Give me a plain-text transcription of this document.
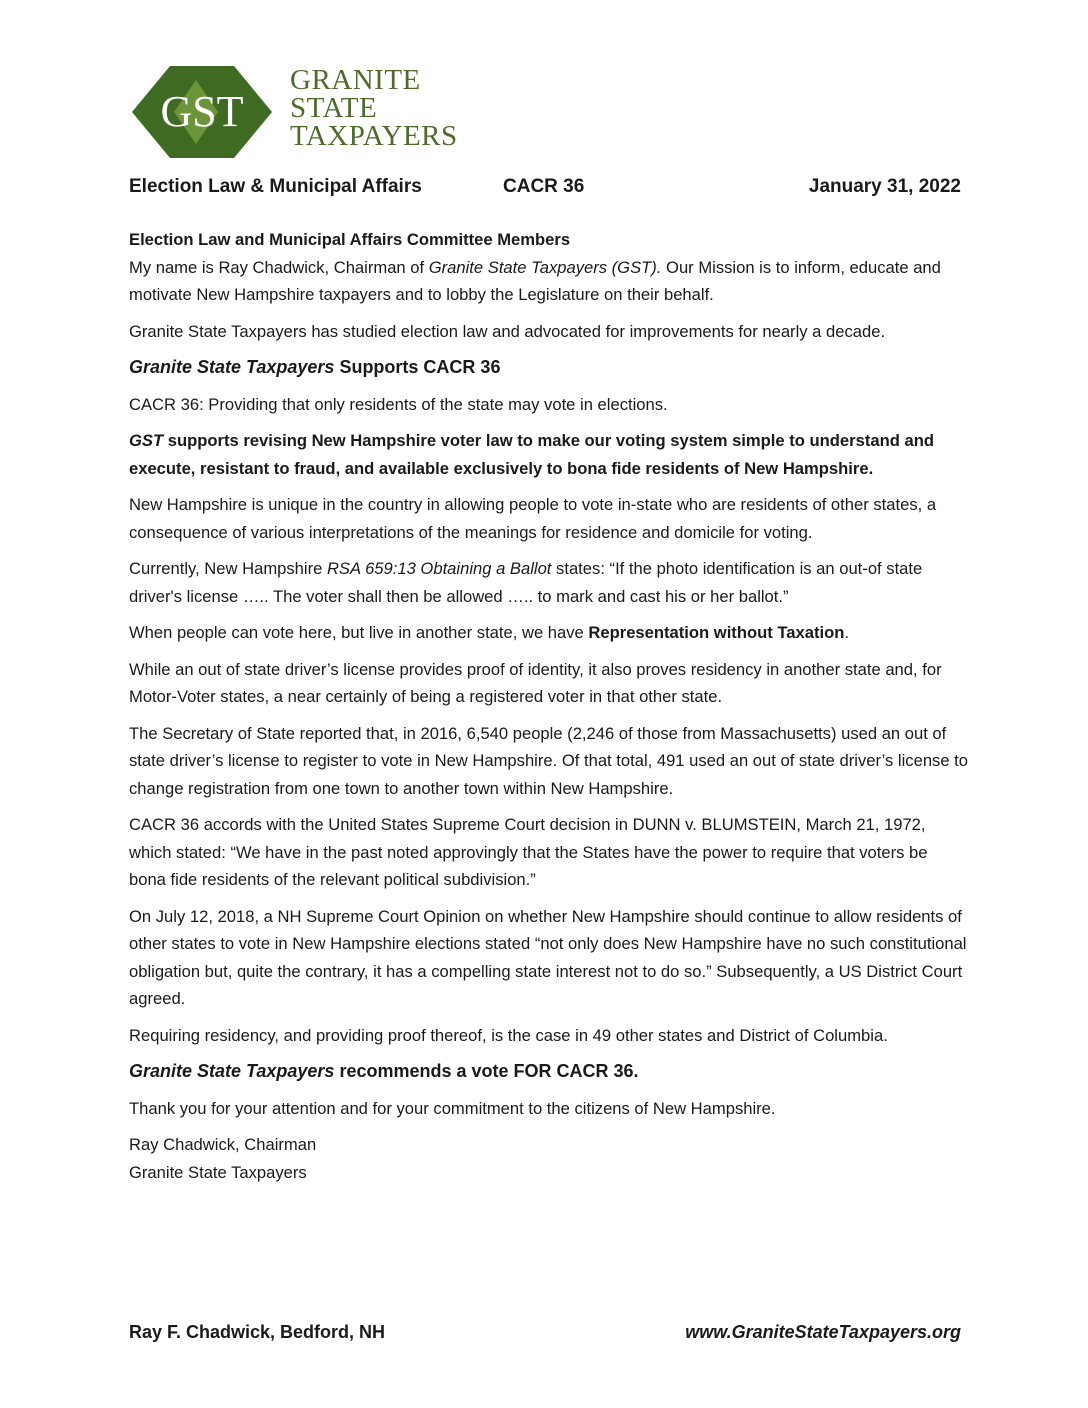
GST
GRANITE
STATE
TAXPAYERS
Election Law & Municipal Affairs	CACR 36	January 31, 2022

Election Law and Municipal Affairs Committee Members

My name is Ray Chadwick, Chairman of Granite State Taxpayers (GST). Our Mission is to inform, educate and motivate New Hampshire taxpayers and to lobby the Legislature on their behalf.

Granite State Taxpayers has studied election law and advocated for improvements for nearly a decade.

Granite State Taxpayers Supports CACR 36

CACR 36: Providing that only residents of the state may vote in elections.

GST supports revising New Hampshire voter law to make our voting system simple to understand and execute, resistant to fraud, and available exclusively to bona fide residents of New Hampshire.

New Hampshire is unique in the country in allowing people to vote in-state who are residents of other states, a consequence of various interpretations of the meanings for residence and domicile for voting.

Currently, New Hampshire RSA 659:13 Obtaining a Ballot states: “If the photo identification is an out-of state driver's license ….. The voter shall then be allowed ….. to mark and cast his or her ballot.”

When people can vote here, but live in another state, we have Representation without Taxation.

While an out of state driver’s license provides proof of identity, it also proves residency in another state and, for Motor-Voter states, a near certainly of being a registered voter in that other state.

The Secretary of State reported that, in 2016, 6,540 people (2,246 of those from Massachusetts) used an out of state driver’s license to register to vote in New Hampshire. Of that total, 491 used an out of state driver’s license to change registration from one town to another town within New Hampshire.

CACR 36 accords with the United States Supreme Court decision in DUNN v. BLUMSTEIN, March 21, 1972, which stated: “We have in the past noted approvingly that the States have the power to require that voters be bona fide residents of the relevant political subdivision.”

On July 12, 2018, a NH Supreme Court Opinion on whether New Hampshire should continue to allow residents of other states to vote in New Hampshire elections stated “not only does New Hampshire have no such constitutional obligation but, quite the contrary, it has a compelling state interest not to do so.” Subsequently, a US District Court agreed.

Requiring residency, and providing proof thereof, is the case in 49 other states and District of Columbia.

Granite State Taxpayers recommends a vote FOR CACR 36.

Thank you for your attention and for your commitment to the citizens of New Hampshire.

Ray Chadwick, Chairman

Granite State Taxpayers

Ray F. Chadwick, Bedford, NH	www.GraniteStateTaxpayers.org
